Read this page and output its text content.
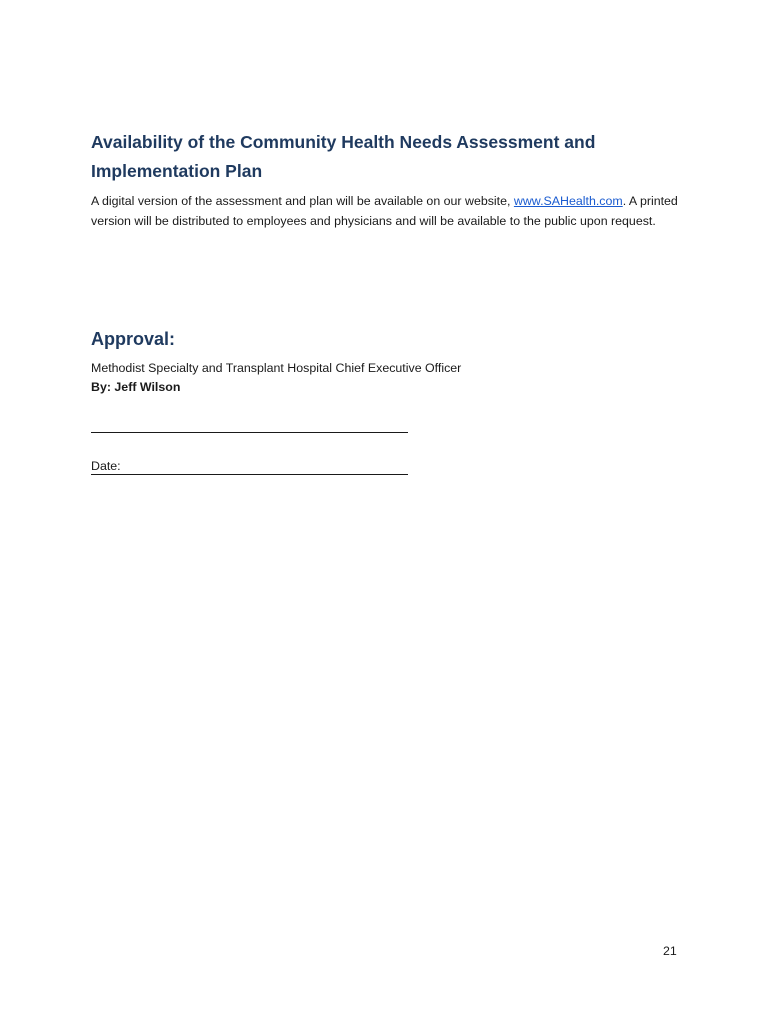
Availability of the Community Health Needs Assessment and Implementation Plan

A digital version of the assessment and plan will be available on our website, www.SAHealth.com. A printed version will be distributed to employees and physicians and will be available to the public upon request.

Approval:

Methodist Specialty and Transplant Hospital Chief Executive Officer

By: Jeff Wilson

Date:
21
